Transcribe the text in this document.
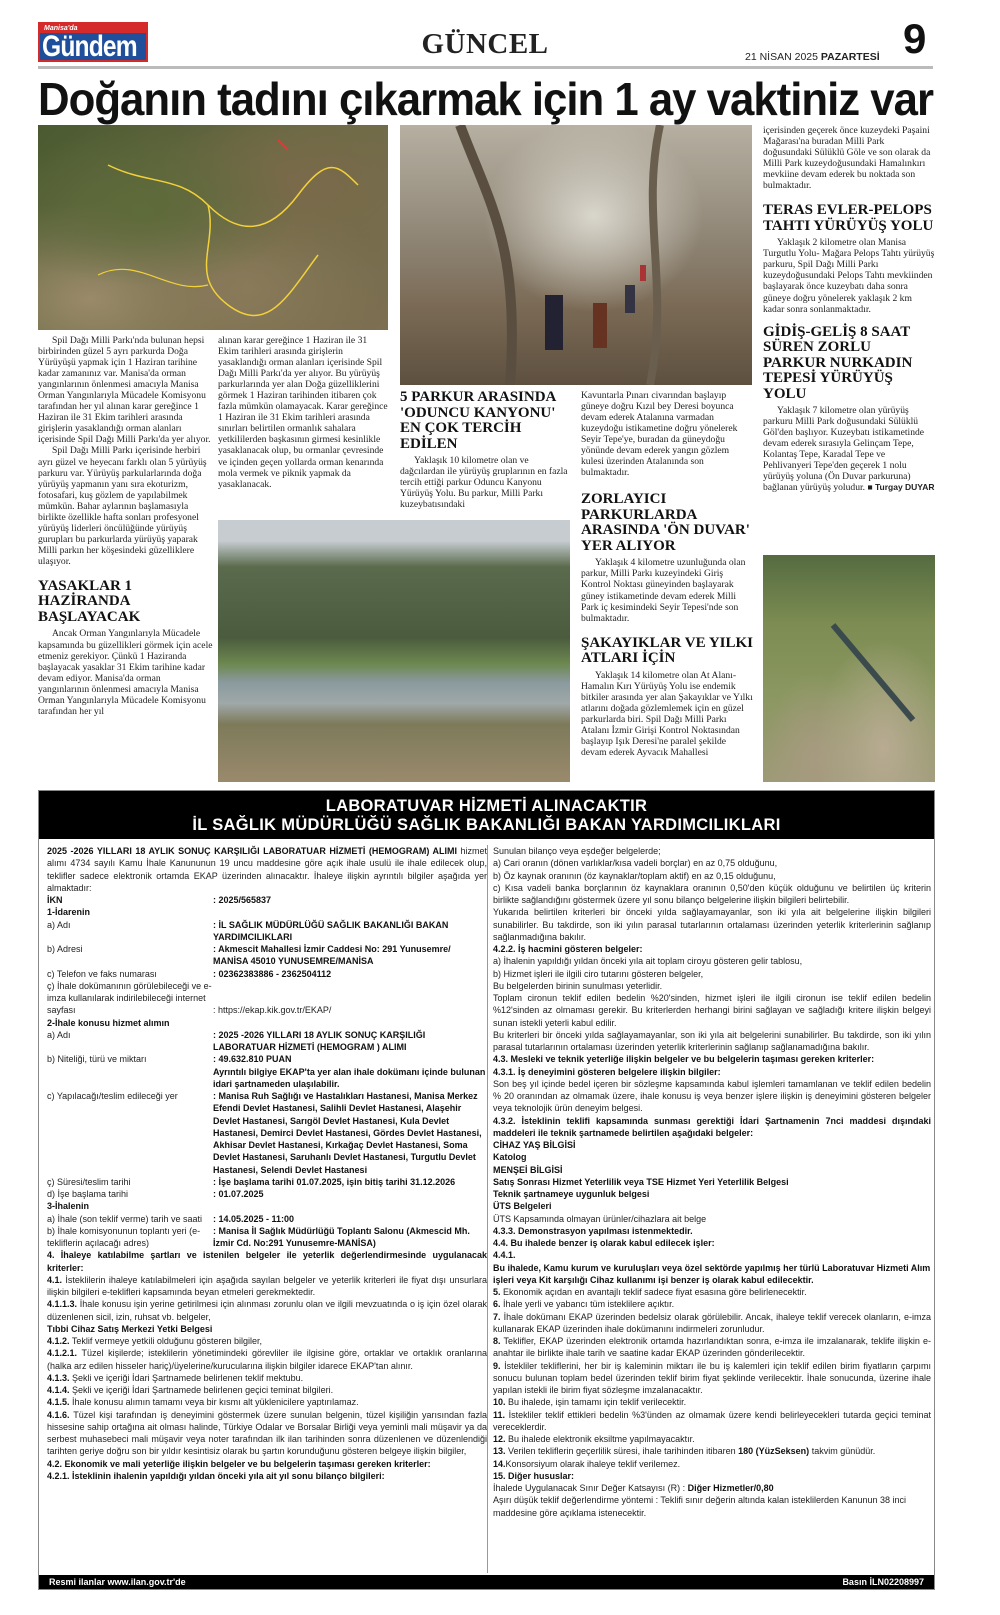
Manisa'da
Gündem	GÜNCEL	21 NİSAN 2025 PAZARTESİ 9
Doğanın tadını çıkarmak için 1 ay vaktiniz var

Spil Dağı Milli Parkı'nda bulunan hepsi birbirinden güzel 5 ayrı parkurda Doğa Yürüyüşü yapmak için 1 Haziran tarihine kadar zamanınız var. Manisa'da orman yangınlarının önlenmesi amacıyla Manisa Orman Yangınlarıyla Mücadele Komisyonu tarafından her yıl alınan karar gereğince 1 Haziran ile 31 Ekim tarihleri arasında girişlerin yasaklandığı orman alanları içerisinde Spil Dağı Milli Parkı'da yer alıyor.

Spil Dağı Milli Parkı içerisinde herbiri ayrı güzel ve heyecanı farklı olan 5 yürüyüş parkuru var. Yürüyüş parkularlarında doğa yürüyüş yapmanın yanı sıra ekoturizm, fotosafari, kuş gözlem de yapılabilmek mümkün. Bahar aylarının başlamasıyla birlikte özellikle hafta sonları profesyonel yürüyüş liderleri öncülüğünde yürüyüş gurupları bu parkurlarda yürüyüş yaparak Milli parkın her köşesindeki güzelliklere ulaşıyor.

YASAKLAR 1 HAZİRANDA BAŞLAYACAK

Ancak Orman Yangınlarıyla Mücadele kapsamında bu güzellikleri görmek için acele etmeniz gerekiyor. Çünkü 1 Haziranda başlayacak yasaklar 31 Ekim tarihine kadar devam ediyor. Manisa'da orman yangınlarının önlenmesi amacıyla Manisa Orman Yangınlarıyla Mücadele Komisyonu tarafından her yıl

alınan karar gereğince 1 Haziran ile 31 Ekim tarihleri arasında girişlerin yasaklandığı orman alanları içerisinde Spil Dağı Milli Parkı'da yer alıyor. Bu yürüyüş parkurlarında yer alan Doğa güzelliklerini görmek 1 Haziran tarihinden itibaren çok fazla mümkün olamayacak. Karar gereğince 1 Haziran ile 31 Ekim tarihleri arasında sınırları belirtilen ormanlık sahalara yetkililerden başkasının girmesi kesinlikle yasaklanacak olup, bu ormanlar çevresinde ve içinden geçen yollarda orman kenarında mola vermek ve piknik yapmak da yasaklanacak.

5 PARKUR ARASINDA 'ODUNCU KANYONU' EN ÇOK TERCİH EDİLEN

Yaklaşık 10 kilometre olan ve dağcılardan ile yürüyüş gruplarının en fazla tercih ettiği parkur Oduncu Kanyonu Yürüyüş Yolu. Bu parkur, Milli Parkı kuzeybatısındaki

Kavuntarla Pınarı civarından başlayıp güneye doğru Kızıl bey Deresi boyunca devam ederek Atalanına varmadan kuzeydoğu istikametine doğru yönelerek Seyir Tepe'ye, buradan da güneydoğu yönünde devam ederek yangın gözlem kulesi üzerinden Atalanında son bulmaktadır.

ZORLAYICI PARKURLARDA ARASINDA 'ÖN DUVAR' YER ALIYOR

Yaklaşık 4 kilometre uzunluğunda olan parkur, Milli Parkı kuzeyindeki Giriş Kontrol Noktası güneyinden başlayarak güney istikametinde devam ederek Milli Park iç kesimindeki Seyir Tepesi'nde son bulmaktadır.

ŞAKAYIKLAR VE YILKI ATLARI İÇİN

Yaklaşık 14 kilometre olan At Alanı-Hamalın Kırı Yürüyüş Yolu ise endemik bitkiler arasında yer alan Şakayıklar ve Yılkı atlarını doğada gözlemlemek için en güzel parkurlarda biri. Spil Dağı Milli Parkı Atalanı İzmir Girişi Kontrol Noktasından başlayıp Işık Deresi'ne paralel şekilde devam ederek Ayvacık Mahallesi

içerisinden geçerek önce kuzeydeki Paşaini Mağarası'na buradan Milli Park doğusundaki Sülüklü Göle ve son olarak da Milli Park kuzeydoğusundaki Hamalınkırı mevkiine devam ederek bu noktada son bulmaktadır.

TERAS EVLER-PELOPS TAHTI YÜRÜYÜŞ YOLU

Yaklaşık 2 kilometre olan Manisa Turgutlu Yolu- Mağara Pelops Tahtı yürüyüş parkuru, Spil Dağı Milli Parkı kuzeydoğusundaki Pelops Tahtı mevkiinden başlayarak önce kuzeybatı daha sonra güneye doğru yönelerek yaklaşık 2 km kadar sonra sonlanmaktadır.

GİDİŞ-GELİŞ 8 SAAT SÜREN ZORLU PARKUR NURKADIN TEPESİ YÜRÜYÜŞ YOLU

Yaklaşık 7 kilometre olan yürüyüş parkuru Milli Park doğusundaki Sülüklü Göl'den başlıyor. Kuzeybatı istikametinde devam ederek sırasıyla Gelinçam Tepe, Kolantaş Tepe, Karadal Tepe ve Pehlivanyeri Tepe'den geçerek 1 nolu yürüyüş yoluna (Ön Duvar parkuruna) bağlanan yürüyüş yoludur. ■ Turgay DUYAR

LABORATUVAR HİZMETİ ALINACAKTIR
İL SAĞLIK MÜDÜRLÜĞÜ SAĞLIK BAKANLIĞI BAKAN YARDIMCILIKLARI
2025 -2026 YILLARI 18 AYLIK SONUÇ KARŞILIĞI LABORATUAR HİZMETİ (HEMOGRAM) ALIMI hizmet alımı 4734 sayılı Kamu İhale Kanununun 19 uncu maddesine göre açık ihale usulü ile ihale edilecek olup, teklifler sadece elektronik ortamda EKAP üzerinden alınacaktır. İhaleye ilişkin ayrıntılı bilgiler aşağıda yer almaktadır:
İKN	: 2025/565837
1-İdarenin
a) Adı	: İL SAĞLIK MÜDÜRLÜĞÜ SAĞLIK BAKANLIĞI BAKAN YARDIMCILIKLARI
b) Adresi	: Akmescit Mahallesi İzmir Caddesi No: 291 Yunusemre/ MANİSA 45010 YUNUSEMRE/MANİSA
c) Telefon ve faks numarası	: 02362383886 - 2362504112
ç) İhale dokümanının görülebileceği ve e-imza kullanılarak indirilebileceği internet sayfası	: https://ekap.kik.gov.tr/EKAP/
2-İhale konusu hizmet alımın
a) Adı	: 2025 -2026 YILLARI 18 AYLIK SONUÇ KARŞILIĞI LABORATUAR HİZMETİ (HEMOGRAM ) ALIMI
b) Niteliği, türü ve miktarı	: 49.632.810 PUAN
Ayrıntılı bilgiye EKAP'ta yer alan ihale dokümanı içinde bulunan idari şartnameden ulaşılabilir.
c) Yapılacağı/teslim edileceği yer	: Manisa Ruh Sağlığı ve Hastalıkları Hastanesi, Manisa Merkez Efendi Devlet Hastanesi, Salihli Devlet Hastanesi, Alaşehir Devlet Hastanesi, Sarıgöl Devlet Hastanesi, Kula Devlet Hastanesi, Demirci Devlet Hastanesi, Gördes Devlet Hastanesi, Akhisar Devlet Hastanesi, Kırkağaç Devlet Hastanesi, Soma Devlet Hastanesi, Saruhanlı Devlet Hastanesi, Turgutlu Devlet Hastanesi, Selendi Devlet Hastanesi
ç) Süresi/teslim tarihi	: İşe başlama tarihi 01.07.2025, işin bitiş tarihi 31.12.2026
d) İşe başlama tarihi	: 01.07.2025
3-İhalenin
a) İhale (son teklif verme) tarih ve saati	: 14.05.2025 - 11:00
b) İhale komisyonunun toplantı yeri (e-tekliflerin açılacağı adres)
: Manisa İl Sağlık Müdürlüğü Toplantı Salonu (Akmescid Mh. İzmir Cd. No:291 Yunusemre-MANİSA)
4. İhaleye katılabilme şartları ve istenilen belgeler ile yeterlik değerlendirmesinde uygulanacak kriterler:
4.1. İsteklilerin ihaleye katılabilmeleri için aşağıda sayılan belgeler ve yeterlik kriterleri ile fiyat dışı unsurlara ilişkin bilgileri e-teklifleri kapsamında beyan etmeleri gerekmektedir.
4.1.1.3. İhale konusu işin yerine getirilmesi için alınması zorunlu olan ve ilgili mevzuatında o iş için özel olarak düzenlenen sicil, izin, ruhsat vb. belgeler,
Tıbbi Cihaz Satış Merkezi Yetki Belgesi
4.1.2. Teklif vermeye yetkili olduğunu gösteren bilgiler,
4.1.2.1. Tüzel kişilerde; isteklilerin yönetimindeki görevliler ile ilgisine göre, ortaklar ve ortaklık oranlarına (halka arz edilen hisseler hariç)/üyelerine/kurucularına ilişkin bilgiler idarece EKAP'tan alınır.
4.1.3. Şekli ve içeriği İdari Şartnamede belirlenen teklif mektubu.
4.1.4. Şekli ve içeriği İdari Şartnamede belirlenen geçici teminat bilgileri.
4.1.5. İhale konusu alımın tamamı veya bir kısmı alt yüklenicilere yaptırılamaz.
4.1.6. Tüzel kişi tarafından iş deneyimini göstermek üzere sunulan belgenin, tüzel kişiliğin yarısından fazla hissesine sahip ortağına ait olması halinde, Türkiye Odalar ve Borsalar Birliği veya yeminli mali müşavir ya da serbest muhasebeci mali müşavir veya noter tarafından ilk ilan tarihinden sonra düzenlenen ve düzenlendiği tarihten geriye doğru son bir yıldır kesintisiz olarak bu şartın korunduğunu gösteren belgeye ilişkin bilgiler,
4.2. Ekonomik ve mali yeterliğe ilişkin belgeler ve bu belgelerin taşıması gereken kriterler:
4.2.1. İsteklinin ihalenin yapıldığı yıldan önceki yıla ait yıl sonu bilanço bilgileri:
Sunulan bilanço veya eşdeğer belgelerde;
a) Cari oranın (dönen varlıklar/kısa vadeli borçlar) en az 0,75 olduğunu,
b) Öz kaynak oranının (öz kaynaklar/toplam aktif) en az 0,15 olduğunu,
c) Kısa vadeli banka borçlarının öz kaynaklara oranının 0,50'den küçük olduğunu ve belirtilen üç kriterin birlikte sağlandığını göstermek üzere yıl sonu bilanço belgelerine ilişkin bilgileri belirtebilir.
Yukarıda belirtilen kriterleri bir önceki yılda sağlayamayanlar, son iki yıla ait belgelerine ilişkin bilgileri sunabilirler. Bu takdirde, son iki yılın parasal tutarlarının ortalaması üzerinden yeterlik kriterlerinin sağlanıp sağlanmadığına bakılır.
4.2.2. İş hacmini gösteren belgeler:
a) İhalenin yapıldığı yıldan önceki yıla ait toplam ciroyu gösteren gelir tablosu,
b) Hizmet işleri ile ilgili ciro tutarını gösteren belgeler,
Bu belgelerden birinin sunulması yeterlidir.
Toplam cironun teklif edilen bedelin %20'sinden, hizmet işleri ile ilgili cironun ise teklif edilen bedelin %12'sinden az olmaması gerekir. Bu kriterlerden herhangi birini sağlayan ve sağladığı kritere ilişkin belgeyi sunan istekli yeterli kabul edilir.
Bu kriterleri bir önceki yılda sağlayamayanlar, son iki yıla ait belgelerini sunabilirler. Bu takdirde, son iki yılın parasal tutarlarının ortalaması üzerinden yeterlik kriterlerinin sağlanıp sağlanamadığına bakılır.
4.3. Mesleki ve teknik yeterliğe ilişkin belgeler ve bu belgelerin taşıması gereken kriterler:
4.3.1. İş deneyimini gösteren belgelere ilişkin bilgiler:
Son beş yıl içinde bedel içeren bir sözleşme kapsamında kabul işlemleri tamamlanan ve teklif edilen bedelin % 20 oranından az olmamak üzere, ihale konusu iş veya benzer işlere ilişkin iş deneyimini gösteren belgeler veya teknolojik ürün deneyim belgesi.
4.3.2. İsteklinin teklifi kapsamında sunması gerektiği İdari Şartnamenin 7nci maddesi dışındaki maddeleri ile teknik şartnamede belirtilen aşağıdaki belgeler:
CİHAZ YAŞ BİLGİSİ
Katolog
MENŞEİ BİLGİSİ
Satış Sonrası Hizmet Yeterlilik veya TSE Hizmet Yeri Yeterlilik Belgesi
Teknik şartnameye uygunluk belgesi
ÜTS Belgeleri
ÜTS Kapsamında olmayan ürünler/cihazlara ait belge
4.3.3. Demonstrasyon yapılması istenmektedir.
4.4. Bu ihalede benzer iş olarak kabul edilecek işler:
4.4.1.
Bu ihalede, Kamu kurum ve kuruluşları veya özel sektörde yapılmış her türlü Laboratuvar Hizmeti Alım işleri veya Kit karşılığı Cihaz kullanımı işi benzer iş olarak kabul edilecektir.
5. Ekonomik açıdan en avantajlı teklif sadece fiyat esasına göre belirlenecektir.
6. İhale yerli ve yabancı tüm isteklilere açıktır.
7. İhale dokümanı EKAP üzerinden bedelsiz olarak görülebilir. Ancak, ihaleye teklif verecek olanların, e-imza kullanarak EKAP üzerinden ihale dokümanını indirmeleri zorunludur.
8. Teklifler, EKAP üzerinden elektronik ortamda hazırlandıktan sonra, e-imza ile imzalanarak, teklife ilişkin e-anahtar ile birlikte ihale tarih ve saatine kadar EKAP üzerinden gönderilecektir.
9. İstekliler tekliflerini, her bir iş kaleminin miktarı ile bu iş kalemleri için teklif edilen birim fiyatların çarpımı sonucu bulunan toplam bedel üzerinden teklif birim fiyat şeklinde verilecektir. İhale sonucunda, üzerine ihale yapılan istekli ile birim fiyat sözleşme imzalanacaktır.
10. Bu ihalede, işin tamamı için teklif verilecektir.
11. İstekliler teklif ettikleri bedelin %3'ünden az olmamak üzere kendi belirleyecekleri tutarda geçici teminat vereceklerdir.
12. Bu ihalede elektronik eksiltme yapılmayacaktır.
13. Verilen tekliflerin geçerlilik süresi, ihale tarihinden itibaren 180 (YüzSeksen) takvim günüdür.
14.Konsorsiyum olarak ihaleye teklif verilemez.
15. Diğer hususlar:
İhalede Uygulanacak Sınır Değer Katsayısı (R) : Diğer Hizmetler/0,80
Aşırı düşük teklif değerlendirme yöntemi : Teklifi sınır değerin altında kalan isteklilerden Kanunun 38 inci maddesine göre açıklama istenecektir.
Resmi ilanlar www.ilan.gov.tr'de	Basın İLN02208997
